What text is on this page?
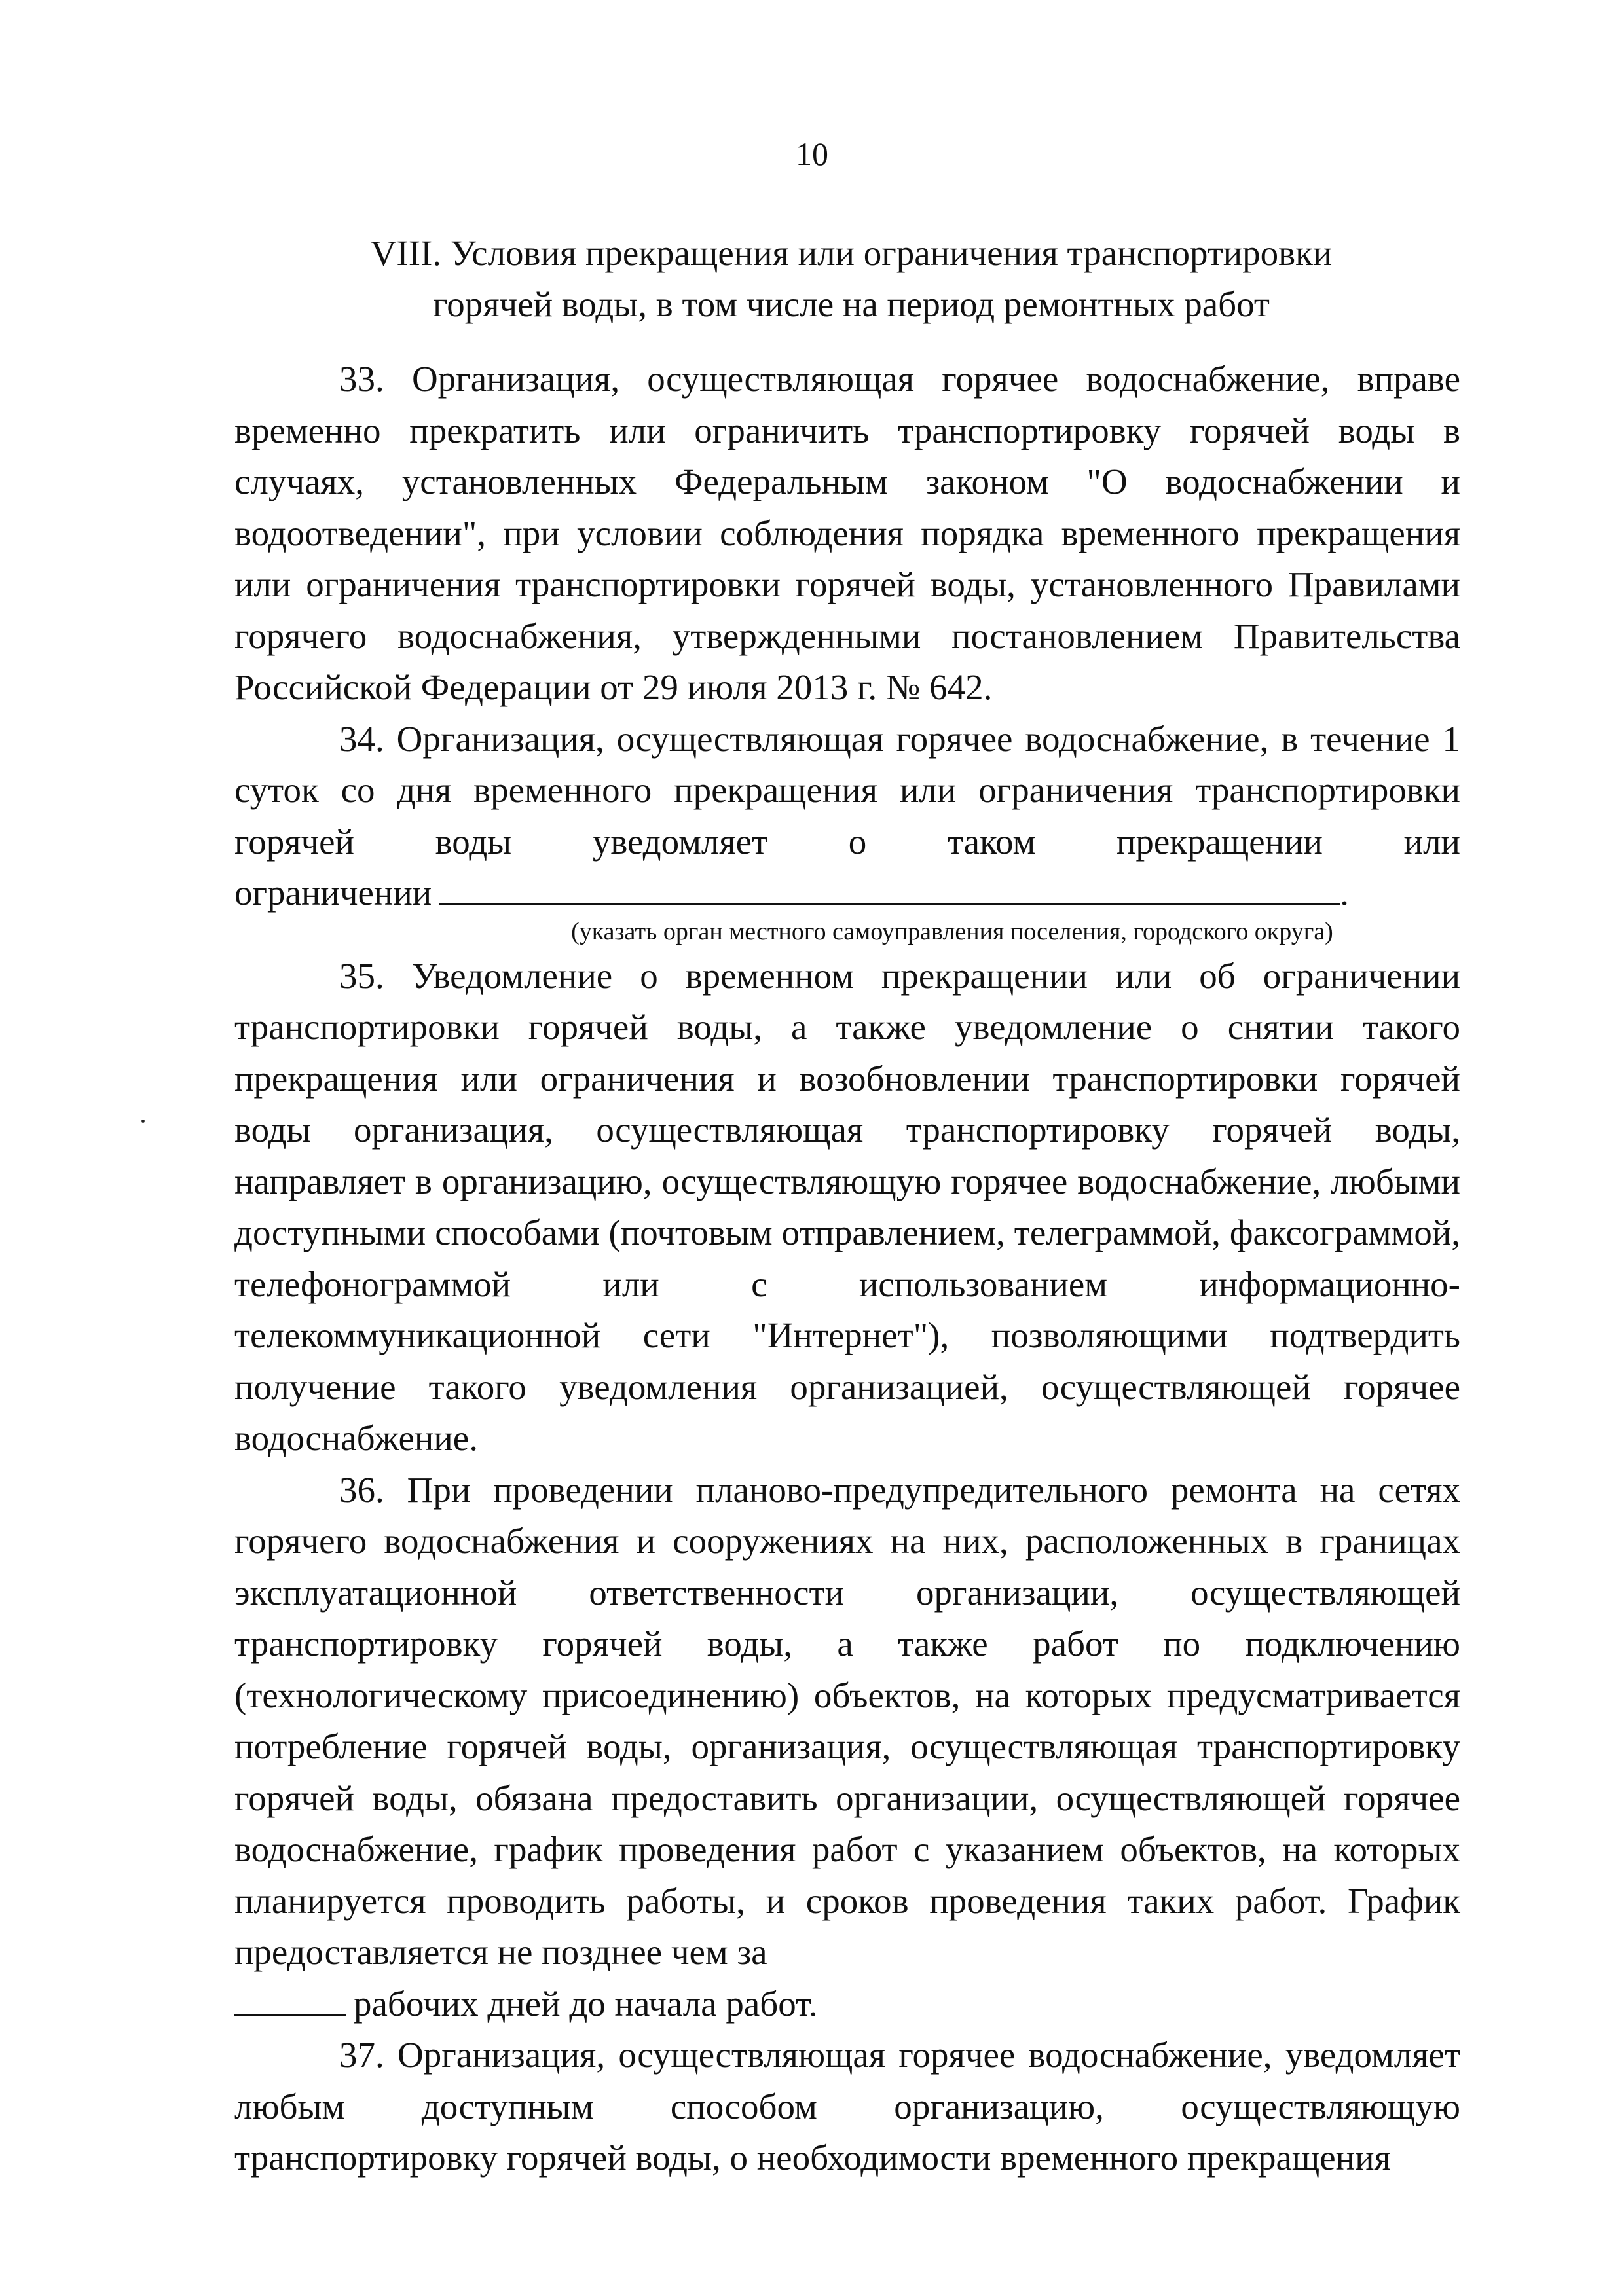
10
VIII. Условия прекращения или ограничения транспортировки
горячей воды, в том числе на период ремонтных работ

33. Организация, осуществляющая горячее водоснабжение, вправе временно прекратить или ограничить транспортировку горячей воды в случаях, установленных Федеральным законом "О водоснабжении и водоотведении", при условии соблюдения порядка временного прекращения или ограничения транспортировки горячей воды, установленного Правилами горячего водоснабжения, утвержденными постановлением Правительства Российской Федерации от 29 июля 2013 г. № 642.

34. Организация, осуществляющая горячее водоснабжение, в течение 1 суток со дня временного прекращения или ограничения транспортировки горячей воды уведомляет о таком прекращении или

ограничении	.
(указать орган местного самоуправления поселения, городского округа)

35. Уведомление о временном прекращении или об ограничении транспортировки горячей воды, а также уведомление о снятии такого прекращения или ограничения и возобновлении транспортировки горячей воды организация, осуществляющая транспортировку горячей воды, направляет в организацию, осуществляющую горячее водоснабжение, любыми доступными способами (почтовым отправлением, телеграммой, факсограммой, телефонограммой или с использованием информационно-телекоммуникационной сети "Интернет"), позволяющими подтвердить получение такого уведомления организацией, осуществляющей горячее водоснабжение.

36. При проведении планово-предупредительного ремонта на сетях горячего водоснабжения и сооружениях на них, расположенных в границах эксплуатационной ответственности организации, осуществляющей транспортировку горячей воды, а также работ по подключению (технологическому присоединению) объектов, на которых предусматривается потребление горячей воды, организация, осуществляющая транспортировку горячей воды, обязана предоставить организации, осуществляющей горячее водоснабжение, график проведения работ с указанием объектов, на которых планируется проводить работы, и сроков проведения таких работ. График предоставляется не позднее чем за

рабочих дней до начала работ.

37. Организация, осуществляющая горячее водоснабжение, уведомляет любым доступным способом организацию, осуществляющую транспортировку горячей воды, о необходимости временного прекращения
